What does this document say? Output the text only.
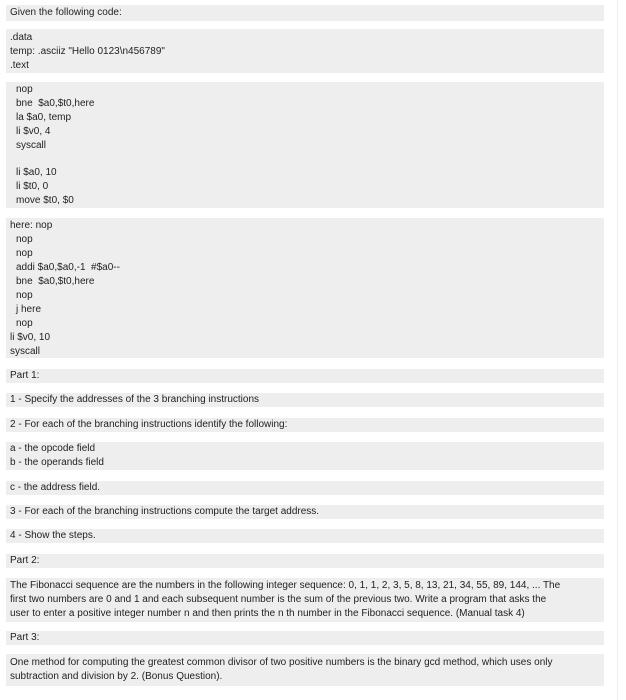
Given the following code:
.data
temp: .asciiz "Hello 0123\n456789"
.text
nop
bne  $a0,$t0,here
la $a0, temp
li $v0, 4
syscall
li $a0, 10
li $t0, 0
move $t0, $0
here: nop
nop
nop
addi $a0,$a0,-1  #$a0--
bne  $a0,$t0,here
nop
j here
nop
li $v0, 10
syscall
Part 1:
1 - Specify the addresses of the 3 branching instructions
2 - For each of the branching instructions identify the following:
a - the opcode field
b - the operands field
c - the address field.
3 - For each of the branching instructions compute the target address.
4 - Show the steps.
Part 2:
The Fibonacci sequence are the numbers in the following integer sequence: 0, 1, 1, 2, 3, 5, 8, 13, 21, 34, 55, 89, 144, ... The
first two numbers are 0 and 1 and each subsequent number is the sum of the previous two. Write a program that asks the
user to enter a positive integer number n and then prints the n th number in the Fibonacci sequence. (Manual task 4)
Part 3:
One method for computing the greatest common divisor of two positive numbers is the binary gcd method, which uses only
subtraction and division by 2. (Bonus Question).
